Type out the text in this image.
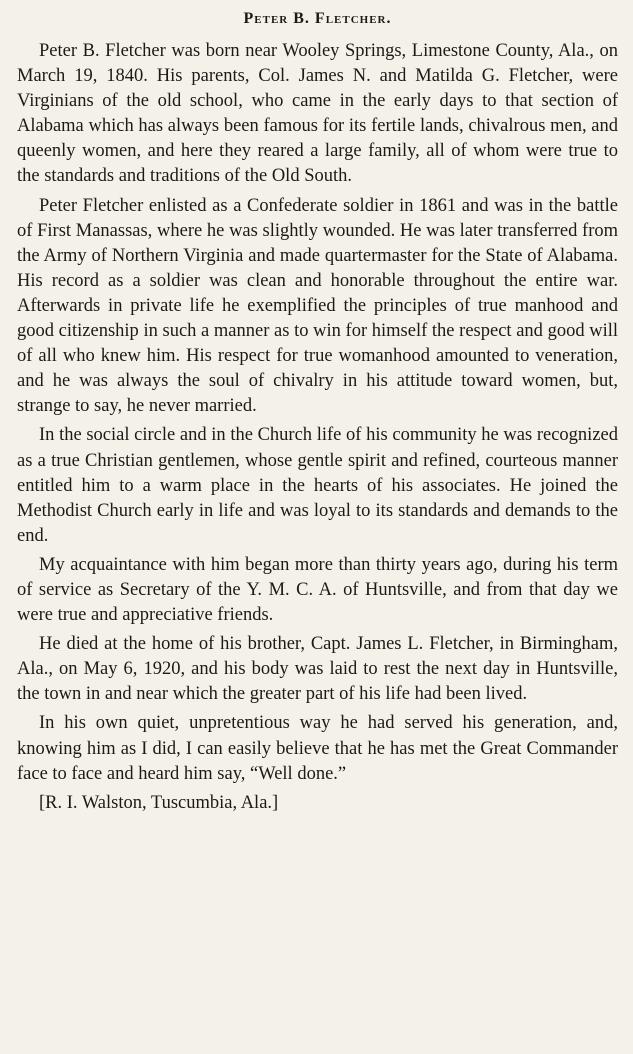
Peter B. Fletcher.

Peter B. Fletcher was born near Wooley Springs, Limestone County, Ala., on March 19, 1840. His parents, Col. James N. and Matilda G. Fletcher, were Virginians of the old school, who came in the early days to that section of Alabama which has always been famous for its fertile lands, chivalrous men, and queenly women, and here they reared a large family, all of whom were true to the standards and traditions of the Old South.

Peter Fletcher enlisted as a Confederate soldier in 1861 and was in the battle of First Manassas, where he was slightly wounded. He was later transferred from the Army of Northern Virginia and made quartermaster for the State of Alabama. His record as a soldier was clean and honorable throughout the entire war. Afterwards in private life he exemplified the principles of true manhood and good citizenship in such a manner as to win for himself the respect and good will of all who knew him. His respect for true womanhood amounted to veneration, and he was always the soul of chivalry in his attitude toward women, but, strange to say, he never married.

In the social circle and in the Church life of his community he was recognized as a true Christian gentlemen, whose gentle spirit and refined, courteous manner entitled him to a warm place in the hearts of his associates. He joined the Methodist Church early in life and was loyal to its standards and demands to the end.

My acquaintance with him began more than thirty years ago, during his term of service as Secretary of the Y. M. C. A. of Huntsville, and from that day we were true and appreciative friends.

He died at the home of his brother, Capt. James L. Fletcher, in Birmingham, Ala., on May 6, 1920, and his body was laid to rest the next day in Huntsville, the town in and near which the greater part of his life had been lived.

In his own quiet, unpretentious way he had served his generation, and, knowing him as I did, I can easily believe that he has met the Great Commander face to face and heard him say, “Well done.”

[R. I. Walston, Tuscumbia, Ala.]
